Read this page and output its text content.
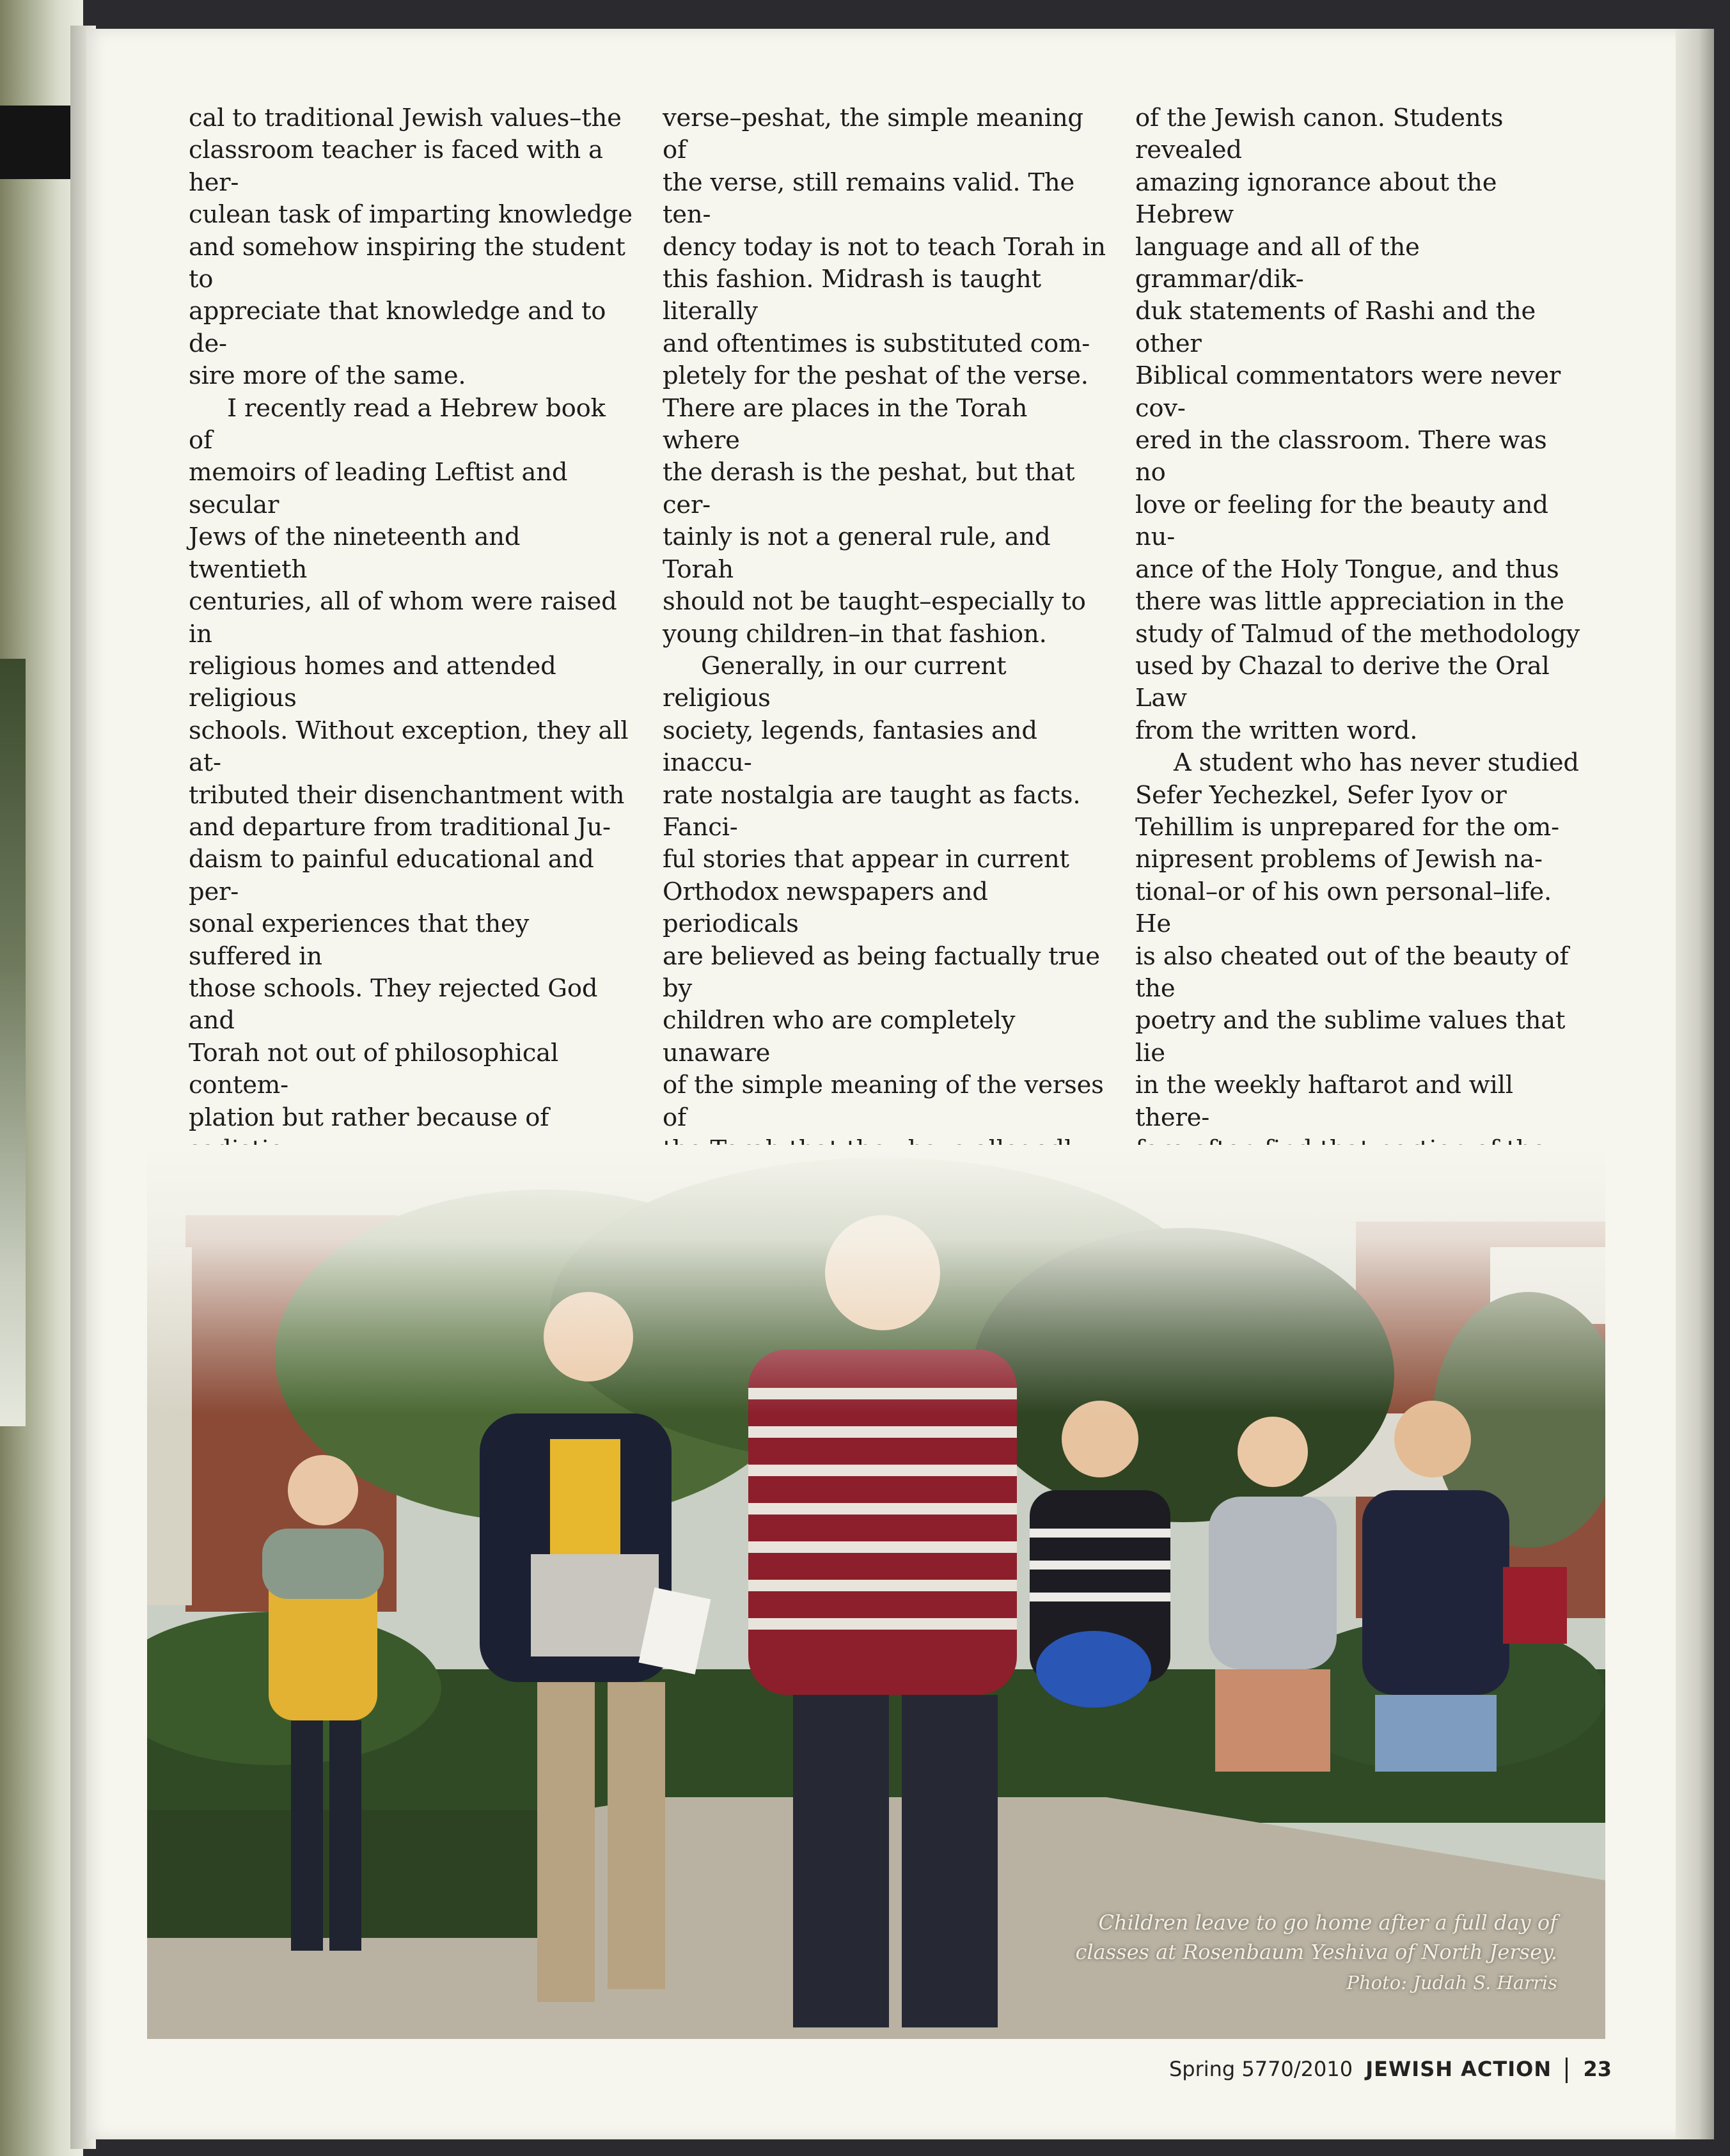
cal to traditional Jewish values–the
classroom teacher is faced with a her-
culean task of imparting knowledge
and somehow inspiring the student to
appreciate that knowledge and to de-
sire more of the same.

I recently read a Hebrew book of
memoirs of leading Leftist and secular
Jews of the nineteenth and twentieth
centuries, all of whom were raised in
religious homes and attended religious
schools. Without exception, they all at-
tributed their disenchantment with
and departure from traditional Ju-
daism to painful educational and per-
sonal experiences that they suffered in
those schools. They rejected God and
Torah not out of philosophical contem-
plation but rather because of

verse–peshat, the simple meaning of
the verse, still remains valid. The ten-
dency today is not to teach Torah in
this fashion. Midrash is taught literally
and oftentimes is substituted com-
pletely for the peshat of the verse.
There are places in the Torah where
the derash is the peshat, but that cer-
tainly is not a general rule, and Torah
should not be taught–especially to
young children–in that fashion.

Generally, in our current religious
society, legends, fantasies and inaccu-
rate nostalgia are taught as facts. Fanci-
ful stories that appear in current
Orthodox newspapers and periodicals
are believed as being factually true by
children who are completely unaware
of the simple meaning of the verses of

of the Jewish canon. Students revealed
amazing ignorance about the Hebrew
language and all of the grammar/dik-
duk statements of Rashi and the other
Biblical commentators were never cov-
ered in the classroom. There was no
love or feeling for the beauty and nu-
ance of the Holy Tongue, and thus
there was little appreciation in the
study of Talmud of the methodology
used by Chazal to derive the Oral Law
from the written word.

A student who has never studied
Sefer Yechezkel, Sefer Iyov or
Tehillim is unprepared for the om-
nipresent problems of Jewish na-
tional–or of his own personal–life. He
is also cheated out of the beauty of the
poetry and the sublime values that lie
in the weekly haftarot and will there-

Children leave to go home after a full day of
classes at Rosenbaum Yeshiva of North Jersey.
Photo: Judah S. Harris
Spring 5770/2010 JEWISH ACTION 23
